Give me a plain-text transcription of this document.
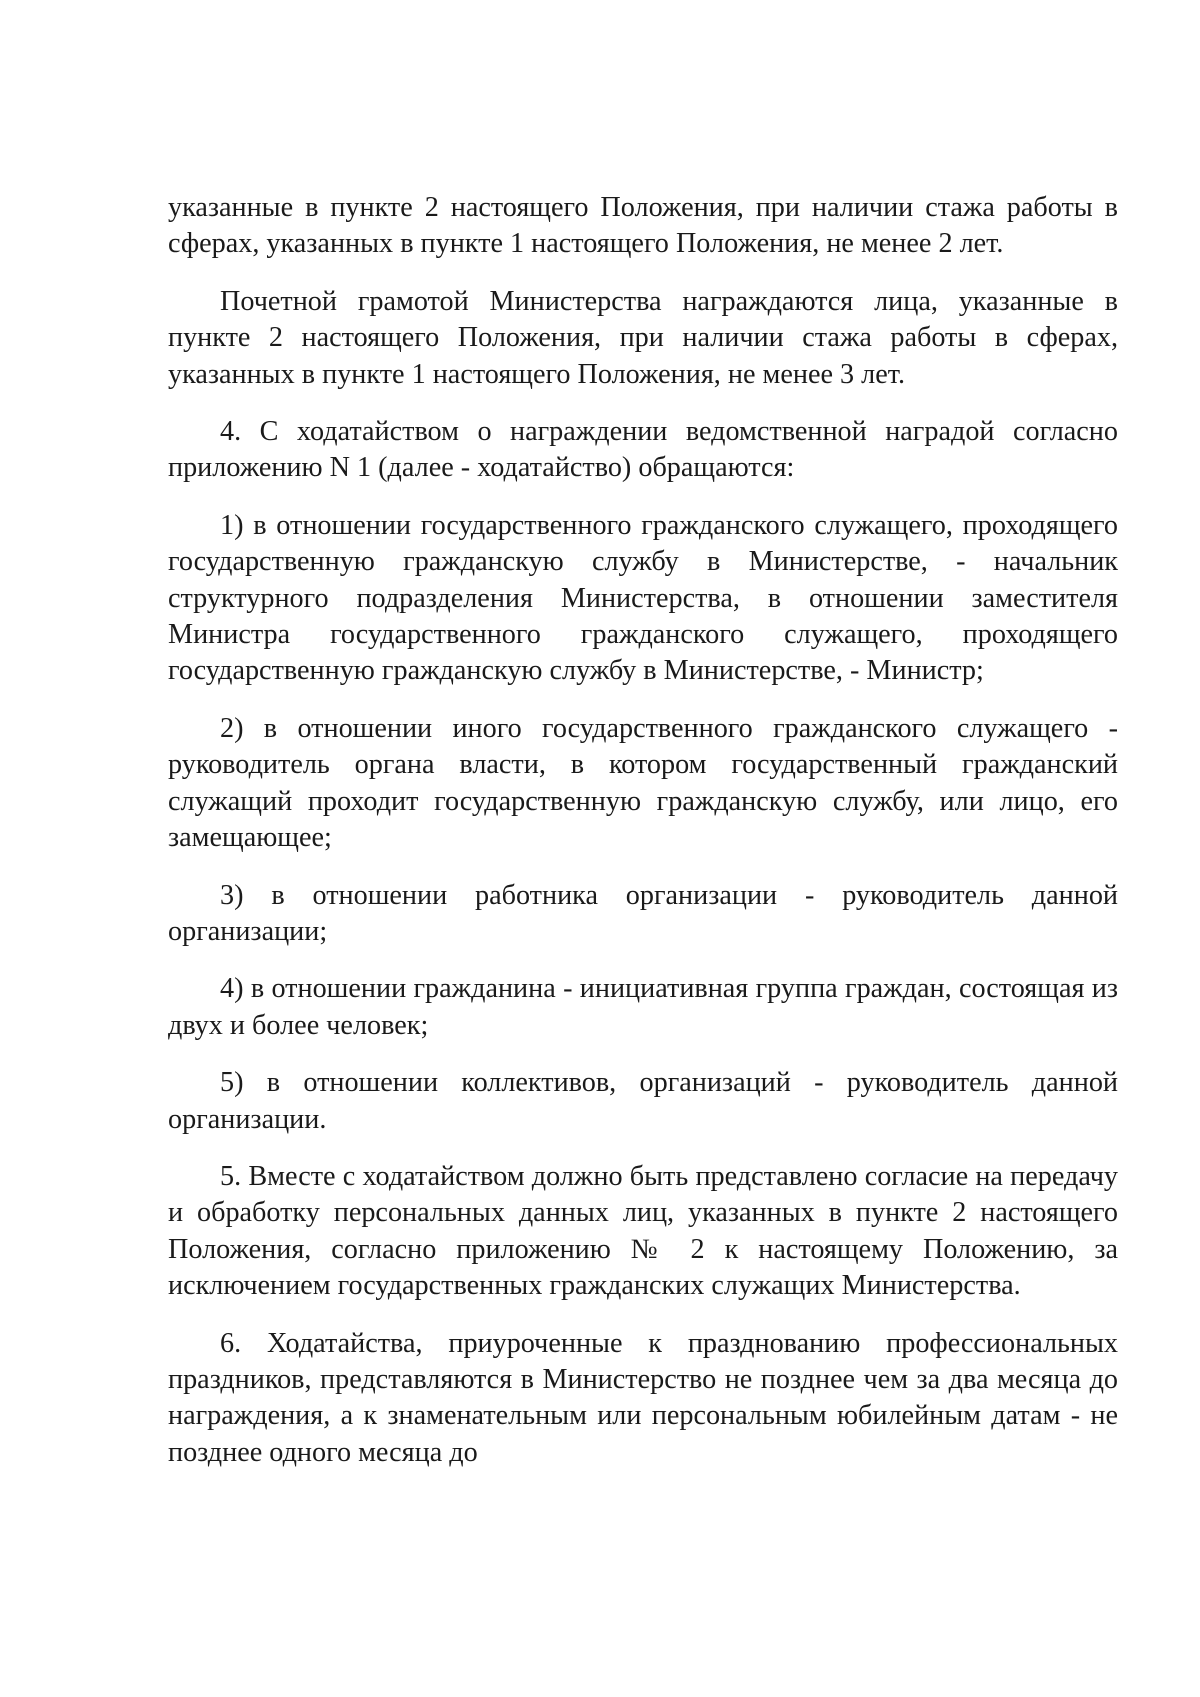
указанные в пункте 2 настоящего Положения, при наличии стажа работы в сферах, указанных в пункте 1 настоящего Положения, не менее 2 лет.

Почетной грамотой Министерства награждаются лица, указанные в пункте 2 настоящего Положения, при наличии стажа работы в сферах, указанных в пункте 1 настоящего Положения, не менее 3 лет.

4. С ходатайством о награждении ведомственной наградой согласно приложению N 1 (далее - ходатайство) обращаются:

1) в отношении государственного гражданского служащего, проходящего государственную гражданскую службу в Министерстве, - начальник структурного подразделения Министерства, в отношении заместителя Министра государственного гражданского служащего, проходящего государственную гражданскую службу в Министерстве, - Министр;

2) в отношении иного государственного гражданского служащего - руководитель органа власти, в котором государственный гражданский служащий проходит государственную гражданскую службу, или лицо, его замещающее;

3) в отношении работника организации - руководитель данной организации;

4) в отношении гражданина - инициативная группа граждан, состоящая из двух и более человек;

5) в отношении коллективов, организаций - руководитель данной организации.

5. Вместе с ходатайством должно быть представлено согласие на передачу и обработку персональных данных лиц, указанных в пункте 2 настоящего Положения, согласно приложению № 2 к настоящему Положению, за исключением государственных гражданских служащих Министерства.

6. Ходатайства, приуроченные к празднованию профессиональных праздников, представляются в Министерство не позднее чем за два месяца до награждения, а к знаменательным или персональным юбилейным датам - не позднее одного месяца до
